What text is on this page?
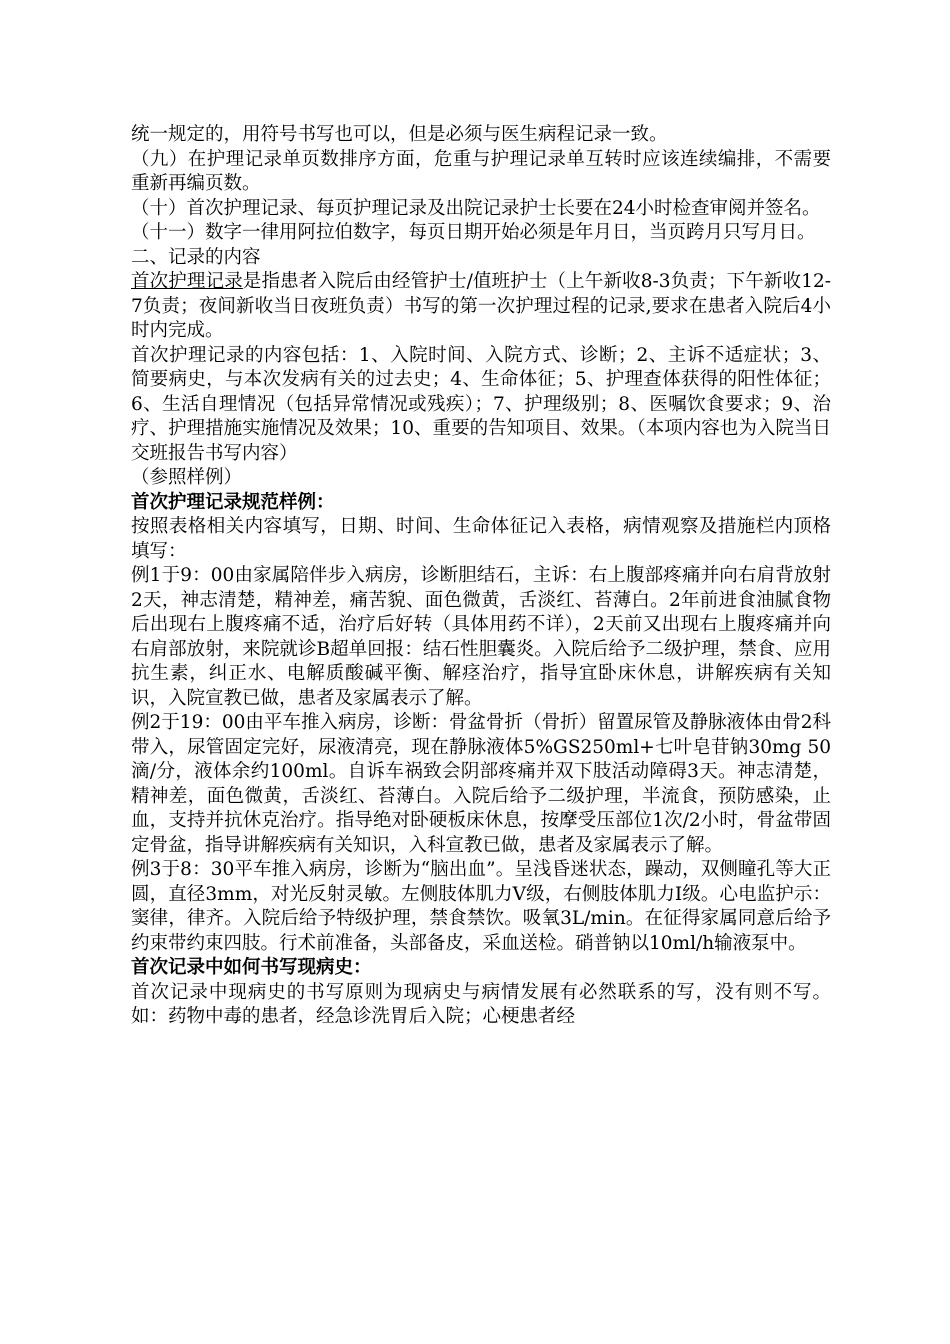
统一规定的，用符号书写也可以，但是必须与医生病程记录一致。

（九）在护理记录单页数排序方面，危重与护理记录单互转时应该连续编排，不需要重新再编页数。

（十）首次护理记录、每页护理记录及出院记录护士长要在24小时检查审阅并签名。

（十一）数字一律用阿拉伯数字，每页日期开始必须是年月日，当页跨月只写月日。

二、记录的内容

首次护理记录是指患者入院后由经管护士/值班护士（上午新收8-3负责；下午新收12-7负责；夜间新收当日夜班负责）书写的第一次护理过程的记录,要求在患者入院后4小时内完成。

首次护理记录的内容包括：1、入院时间、入院方式、诊断；2、主诉不适症状；3、简要病史，与本次发病有关的过去史；4、生命体征；5、护理查体获得的阳性体征；6、生活自理情况（包括异常情况或残疾）；7、护理级别；8、医嘱饮食要求；9、治疗、护理措施实施情况及效果；10、重要的告知项目、效果。（本项内容也为入院当日交班报告书写内容）

（参照样例）

首次护理记录规范样例：

按照表格相关内容填写，日期、时间、生命体征记入表格，病情观察及措施栏内顶格填写：

例1于9：00由家属陪伴步入病房，诊断胆结石，主诉：右上腹部疼痛并向右肩背放射2天，神志清楚，精神差，痛苦貌、面色微黄，舌淡红、苔薄白。2年前进食油腻食物后出现右上腹疼痛不适，治疗后好转（具体用药不详），2天前又出现右上腹疼痛并向右肩部放射，来院就诊B超单回报：结石性胆囊炎。入院后给予二级护理，禁食、应用抗生素，纠正水、电解质酸碱平衡、解痉治疗，指导宜卧床休息，讲解疾病有关知识，入院宣教已做，患者及家属表示了解。

例2于19：00由平车推入病房，诊断：骨盆骨折（骨折）留置尿管及静脉液体由骨2科带入，尿管固定完好，尿液清亮，现在静脉液体5%GS250ml+七叶皂苷钠30mg 50滴/分，液体余约100ml。自诉车祸致会阴部疼痛并双下肢活动障碍3天。神志清楚，精神差，面色微黄，舌淡红、苔薄白。入院后给予二级护理，半流食，预防感染，止血，支持并抗休克治疗。指导绝对卧硬板床休息，按摩受压部位1次/2小时，骨盆带固定骨盆，指导讲解疾病有关知识，入科宣教已做，患者及家属表示了解。

例3于8：30平车推入病房，诊断为“脑出血”。呈浅昏迷状态，躁动，双侧瞳孔等大正圆，直径3mm，对光反射灵敏。左侧肢体肌力Ⅴ级，右侧肢体肌力Ⅰ级。心电监护示：窦律，律齐。入院后给予特级护理，禁食禁饮。吸氧3L/min。在征得家属同意后给予约束带约束四肢。行术前准备，头部备皮，采血送检。硝普钠以10ml/h输液泵中。

首次记录中如何书写现病史：

首次记录中现病史的书写原则为现病史与病情发展有必然联系的写，没有则不写。如：药物中毒的患者，经急诊洗胃后入院；心梗患者经
